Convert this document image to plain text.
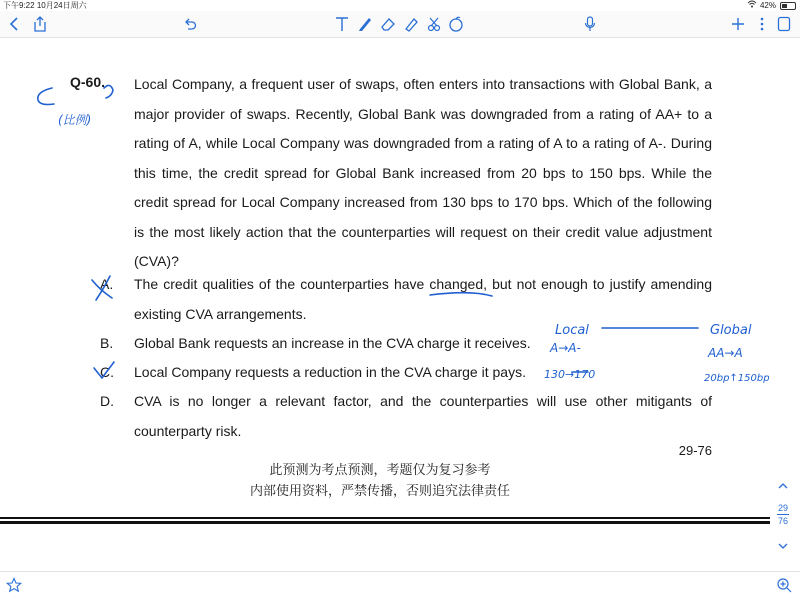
下午9:22 10月24日周六	42%
Q-60. Local Company, a frequent user of swaps, often enters into transactions with Global Bank, a major provider of swaps. Recently, Global Bank was downgraded from a rating of AA+ to a rating of A, while Local Company was downgraded from a rating of A to a rating of A-. During this time, the credit spread for Global Bank increased from 20 bps to 150 bps. While the credit spread for Local Company increased from 130 bps to 170 bps. Which of the following is the most likely action that the counterparties will request on their credit value adjustment (CVA)?
A.	The credit qualities of the counterparties have changed, but not enough to justify amending existing CVA arrangements.
B.	Global Bank requests an increase in the CVA charge it receives.
C.	Local Company requests a reduction in the CVA charge it pays.
D.	CVA is no longer a relevant factor, and the counterparties will use other mitigants of counterparty risk.
29-76
此预测为考点预测，考题仅为复习参考
内部使用资料，严禁传播，否则追究法律责任
(比例)
Local
A→A-
130→170
Global
AA→A
20bp↑150bp
29
76
